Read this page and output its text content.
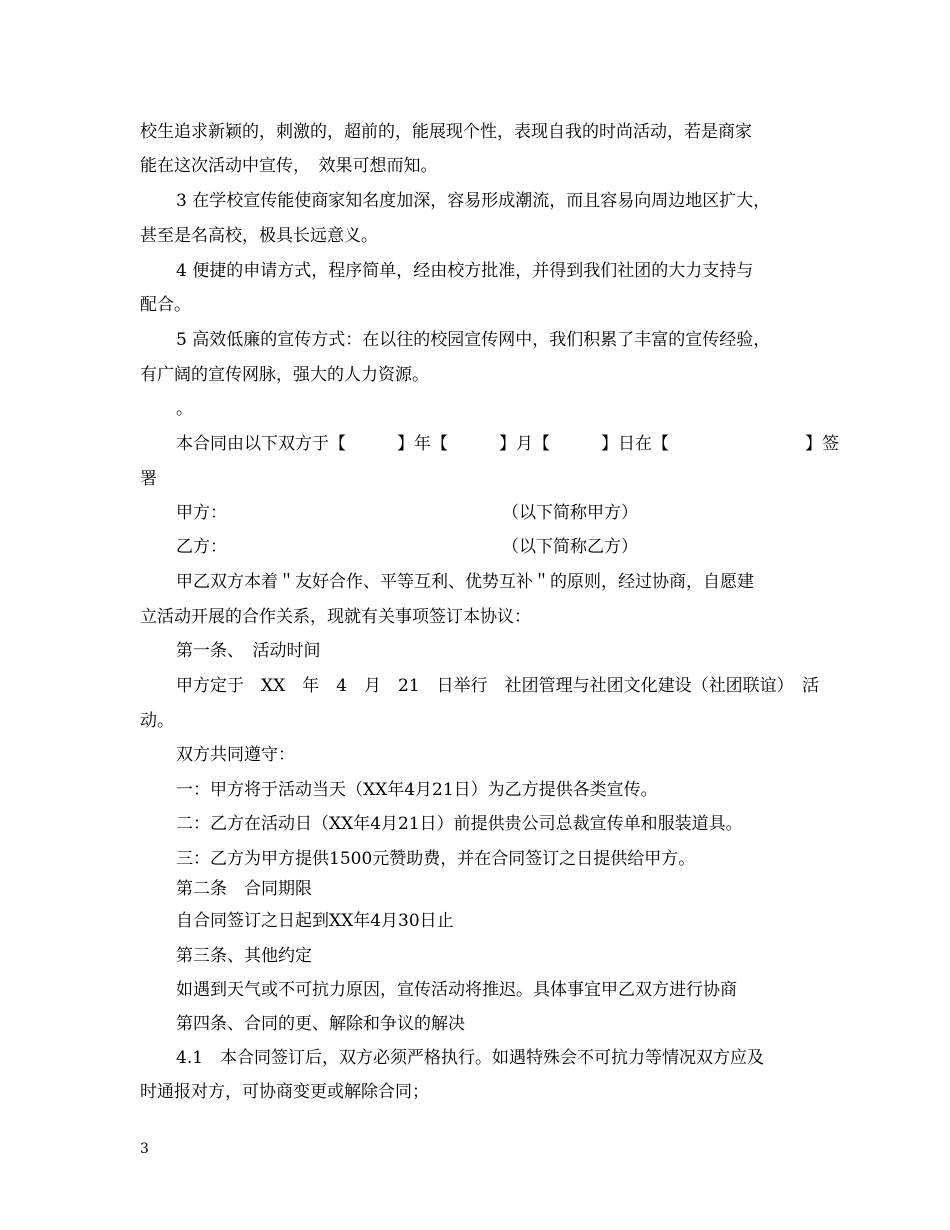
校生追求新颖的，刺激的，超前的，能展现个性，表现自我的时尚活动，若是商家
能在这次活动中宣传，　效果可想而知。
3 在学校宣传能使商家知名度加深，容易形成潮流，而且容易向周边地区扩大，
甚至是名高校，极具长远意义。
4 便捷的申请方式，程序简单，经由校方批准，并得到我们社团的大力支持与
配合。
5 高效低廉的宣传方式：在以往的校园宣传网中，我们积累了丰富的宣传经验，
有广阔的宣传网脉，强大的人力资源。
。
本合同由以下双方于【　　　】年【　　　】月【　　　】日在【　　　　　　　　】签
署
甲方：	（以下简称甲方）
乙方：	（以下简称乙方）
甲乙双方本着＂友好合作、平等互利、优势互补＂的原则，经过协商，自愿建
立活动开展的合作关系，现就有关事项签订本协议：
第一条、　活动时间
甲方定于　XX　年　4　月　21　日举行　社团管理与社团文化建设（社团联谊）　活
动。
双方共同遵守：
一：甲方将于活动当天（XX年4月21日）为乙方提供各类宣传。
二：乙方在活动日（XX年4月21日）前提供贵公司总裁宣传单和服装道具。
三：乙方为甲方提供1500元赞助费，并在合同签订之日提供给甲方。
第二条　合同期限
自合同签订之日起到XX年4月30日止
第三条、其他约定
如遇到天气或不可抗力原因，宣传活动将推迟。具体事宜甲乙双方进行协商
第四条、合同的更、解除和争议的解决
4.1　本合同签订后，双方必须严格执行。如遇特殊会不可抗力等情况双方应及
时通报对方，可协商变更或解除合同；
3
